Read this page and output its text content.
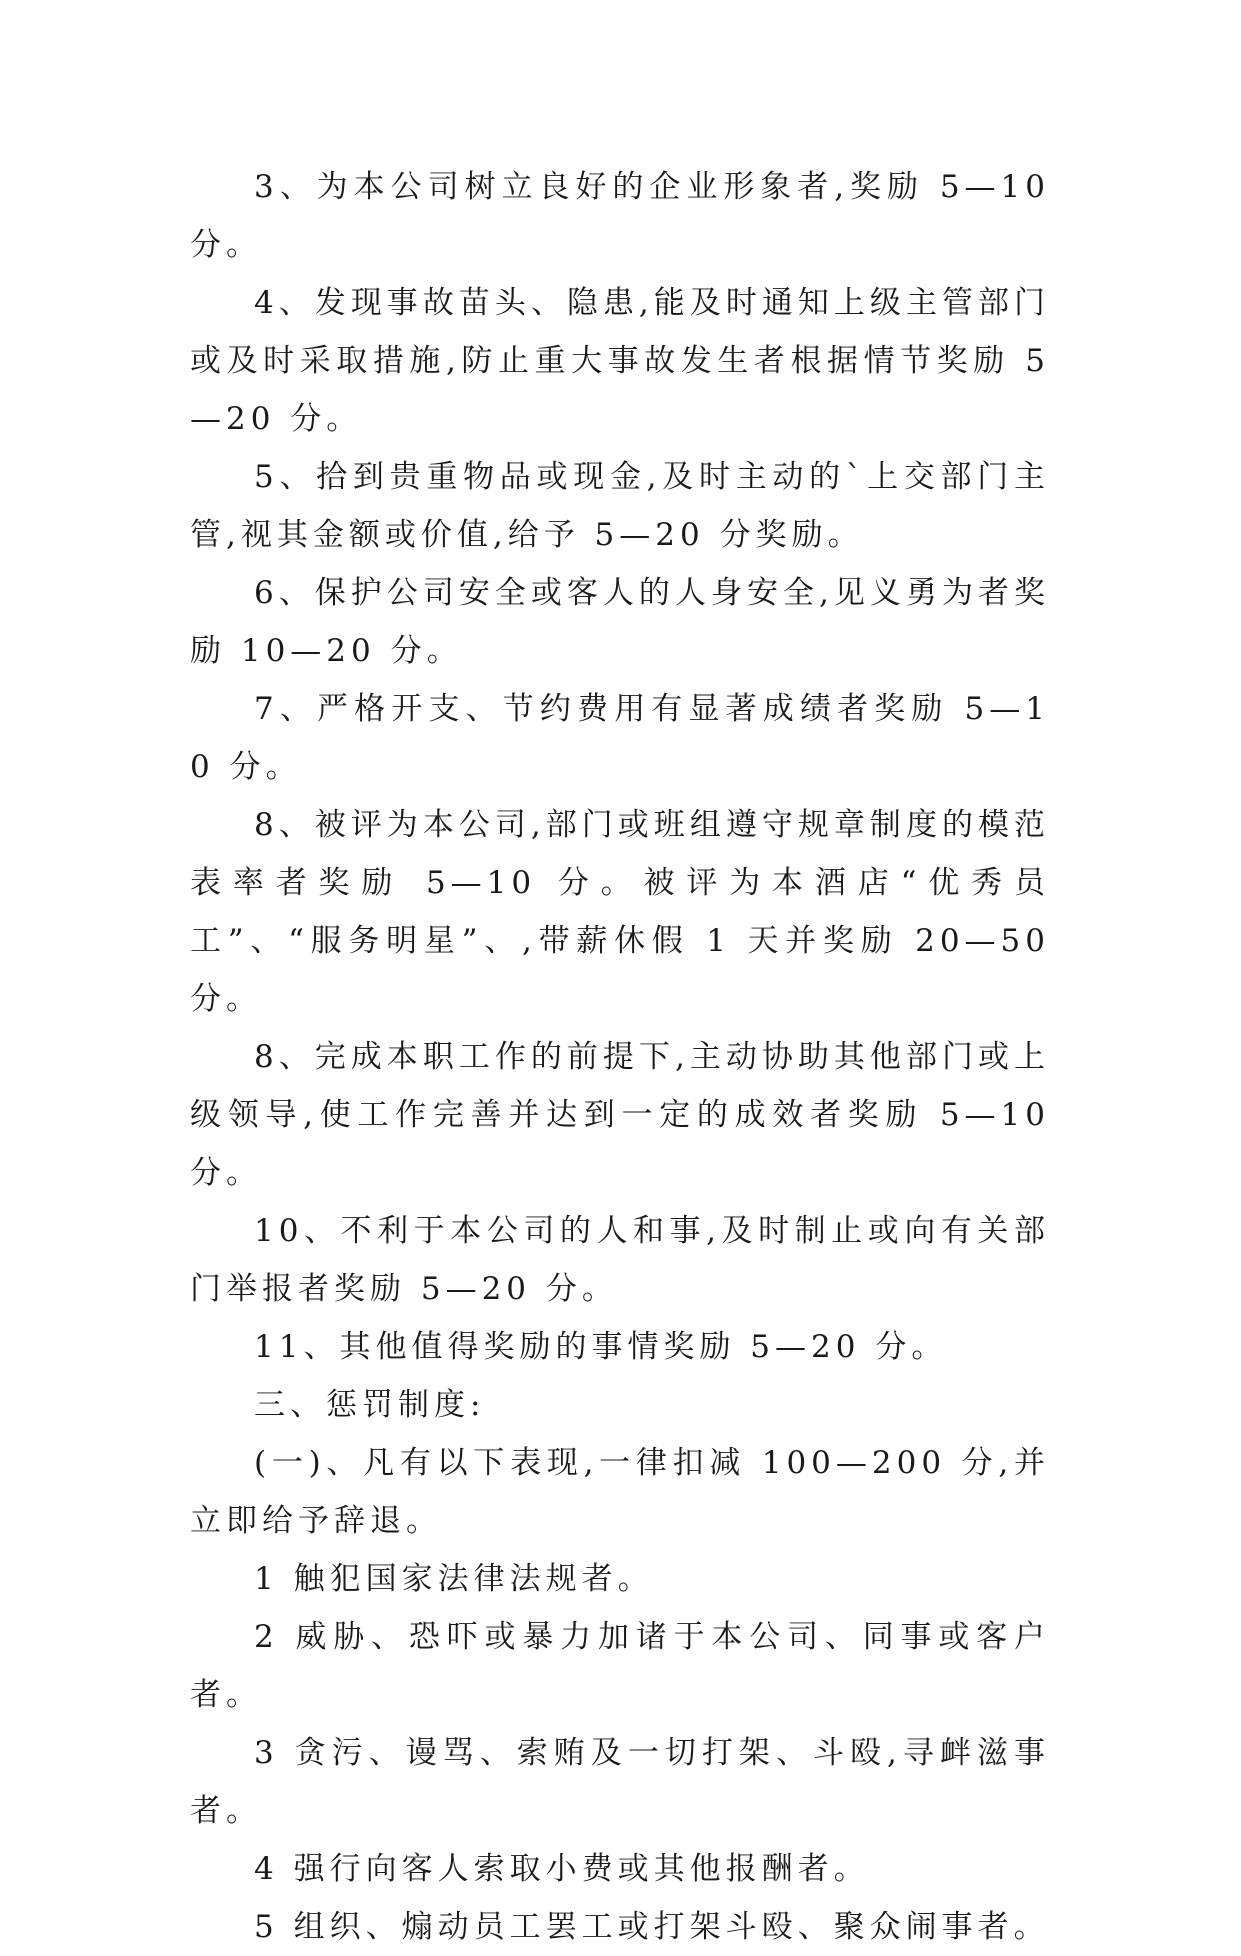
3、为本公司树立良好的企业形象者,奖励 5—10 分。

4、发现事故苗头、隐患,能及时通知上级主管部门或及时采取措施,防止重大事故发生者根据情节奖励 5—20 分。

5、拾到贵重物品或现金,及时主动的`上交部门主管,视其金额或价值,给予 5—20 分奖励。

6、保护公司安全或客人的人身安全,见义勇为者奖励 10—20 分。

7、严格开支、节约费用有显著成绩者奖励 5—10 分。

8、被评为本公司,部门或班组遵守规章制度的模范表率者奖励 5—10 分。被评为本酒店“优秀员工”、“服务明星”、,带薪休假 1 天并奖励 20—50 分。

8、完成本职工作的前提下,主动协助其他部门或上级领导,使工作完善并达到一定的成效者奖励 5—10 分。

10、不利于本公司的人和事,及时制止或向有关部门举报者奖励 5—20 分。

11、其他值得奖励的事情奖励 5—20 分。

三、惩罚制度:

(一)、凡有以下表现,一律扣减 100—200 分,并立即给予辞退。

1 触犯国家法律法规者。

2 威胁、恐吓或暴力加诸于本公司、同事或客户者。

3 贪污、谩骂、索贿及一切打架、斗殴,寻衅滋事者。

4 强行向客人索取小费或其他报酬者。

5 组织、煽动员工罢工或打架斗殴、聚众闹事者。
